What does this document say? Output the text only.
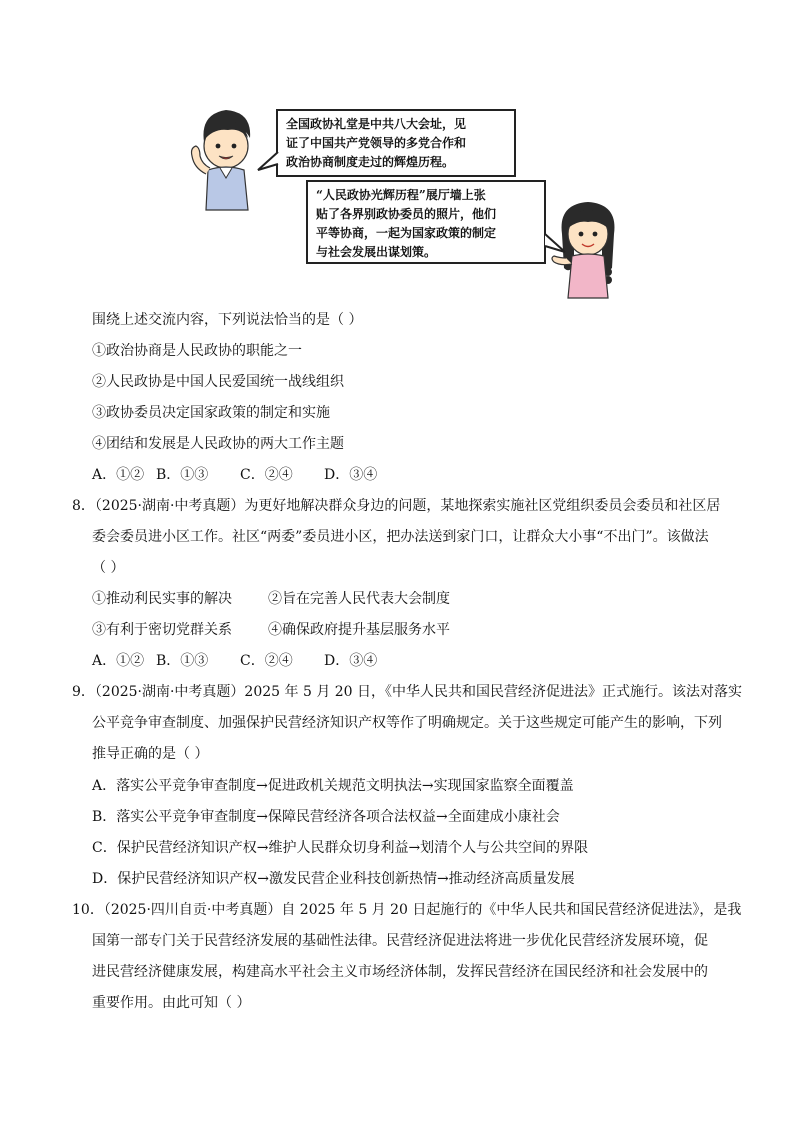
全国政协礼堂是中共八大会址，见
证了中国共产党领导的多党合作和
政治协商制度走过的辉煌历程。
“人民政协光辉历程”展厅墙上张
贴了各界别政协委员的照片，他们
平等协商，一起为国家政策的制定
与社会发展出谋划策。
围绕上述交流内容，下列说法恰当的是（ ）
①政治协商是人民政协的职能之一
②人民政协是中国人民爱国统一战线组织
③政协委员决定国家政策的制定和实施
④团结和发展是人民政协的两大工作主题
A．①② B．①③ C．②④ D．③④
8．（2025·湖南·中考真题）为更好地解决群众身边的问题，某地探索实施社区党组织委员会委员和社区居
委会委员进小区工作。社区“两委”委员进小区，把办法送到家门口，让群众大小事“不出门”。该做法
（ ）
①推动利民实事的解决	②旨在完善人民代表大会制度
③有利于密切党群关系	④确保政府提升基层服务水平
A．①② B．①③ C．②④ D．③④
9．（2025·湖南·中考真题）2025 年 5 月 20 日，《中华人民共和国民营经济促进法》正式施行。该法对落实
公平竞争审查制度、加强保护民营经济知识产权等作了明确规定。关于这些规定可能产生的影响，下列
推导正确的是（ ）
A．落实公平竞争审查制度→促进政机关规范文明执法→实现国家监察全面覆盖
B．落实公平竞争审查制度→保障民营经济各项合法权益→全面建成小康社会
C．保护民营经济知识产权→维护人民群众切身利益→划清个人与公共空间的界限
D．保护民营经济知识产权→激发民营企业科技创新热情→推动经济高质量发展
10．（2025·四川自贡·中考真题）自 2025 年 5 月 20 日起施行的《中华人民共和国民营经济促进法》，是我
国第一部专门关于民营经济发展的基础性法律。民营经济促进法将进一步优化民营经济发展环境，促
进民营经济健康发展，构建高水平社会主义市场经济体制，发挥民营经济在国民经济和社会发展中的
重要作用。由此可知（ ）
